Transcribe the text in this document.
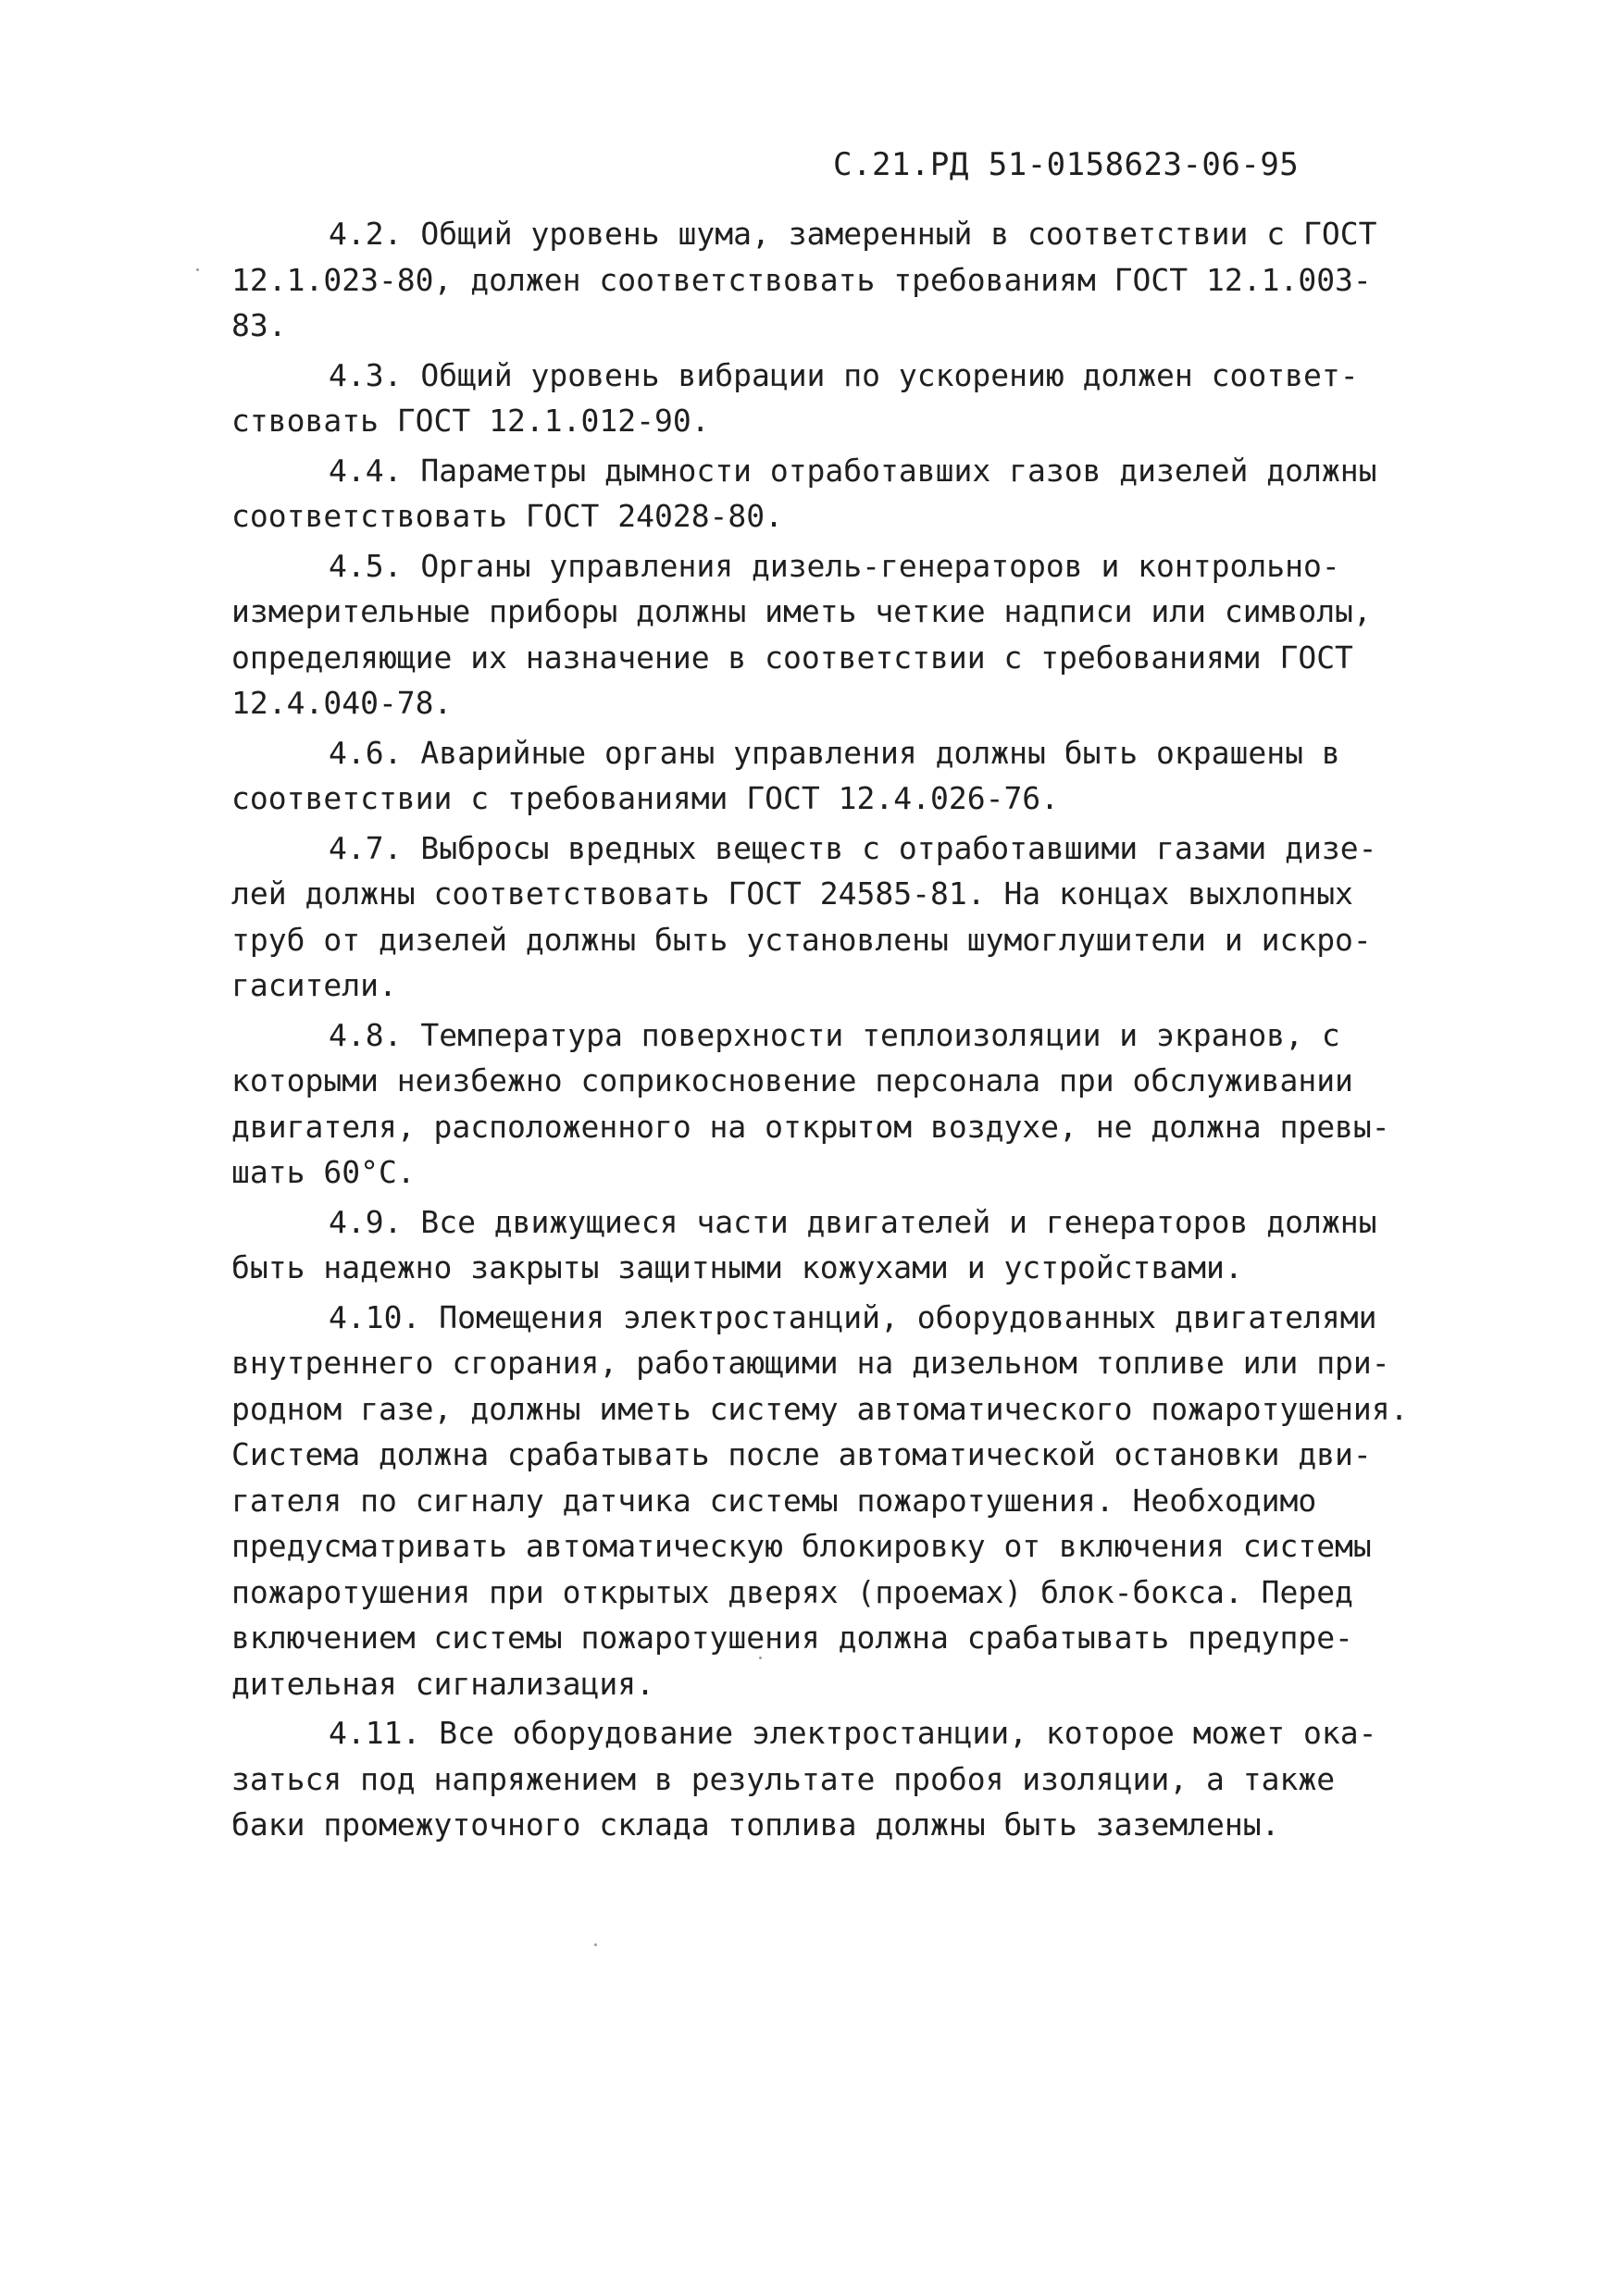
С.21.РД 51-0158623-06-95
4.2. Общий уровень шума, замеренный в соответствии с ГОСТ
12.1.023-80, должен соответствовать требованиям ГОСТ 12.1.003-
83.
4.3. Общий уровень вибрации по ускорению должен соответ-
ствовать ГОСТ 12.1.012-90.
4.4. Параметры дымности отработавших газов дизелей должны
соответствовать ГОСТ 24028-80.
4.5. Органы управления дизель-генераторов и контрольно-
измерительные приборы должны иметь четкие надписи или символы,
определяющие их назначение в соответствии с требованиями ГОСТ
12.4.040-78.
4.6. Аварийные органы управления должны быть окрашены в
соответствии с требованиями ГОСТ 12.4.026-76.
4.7. Выбросы вредных веществ с отработавшими газами дизе-
лей должны соответствовать ГОСТ 24585-81. На концах выхлопных
труб от дизелей должны быть установлены шумоглушители и искро-
гасители.
4.8. Температура поверхности теплоизоляции и экранов, с
которыми неизбежно соприкосновение персонала при обслуживании
двигателя, расположенного на открытом воздухе, не должна превы-
шать 60°С.
4.9. Все движущиеся части двигателей и генераторов должны
быть надежно закрыты защитными кожухами и устройствами.
4.10. Помещения электростанций, оборудованных двигателями
внутреннего сгорания, работающими на дизельном топливе или при-
родном газе, должны иметь систему автоматического пожаротушения.
Система должна срабатывать после автоматической остановки дви-
гателя по сигналу датчика системы пожаротушения. Необходимо
предусматривать автоматическую блокировку от включения системы
пожаротушения при открытых дверях (проемах) блок-бокса. Перед
включением системы пожаротушения должна срабатывать предупре-
дительная сигнализация.
4.11. Все оборудование электростанции, которое может ока-
заться под напряжением в результате пробоя изоляции, а также
баки промежуточного склада топлива должны быть заземлены.
